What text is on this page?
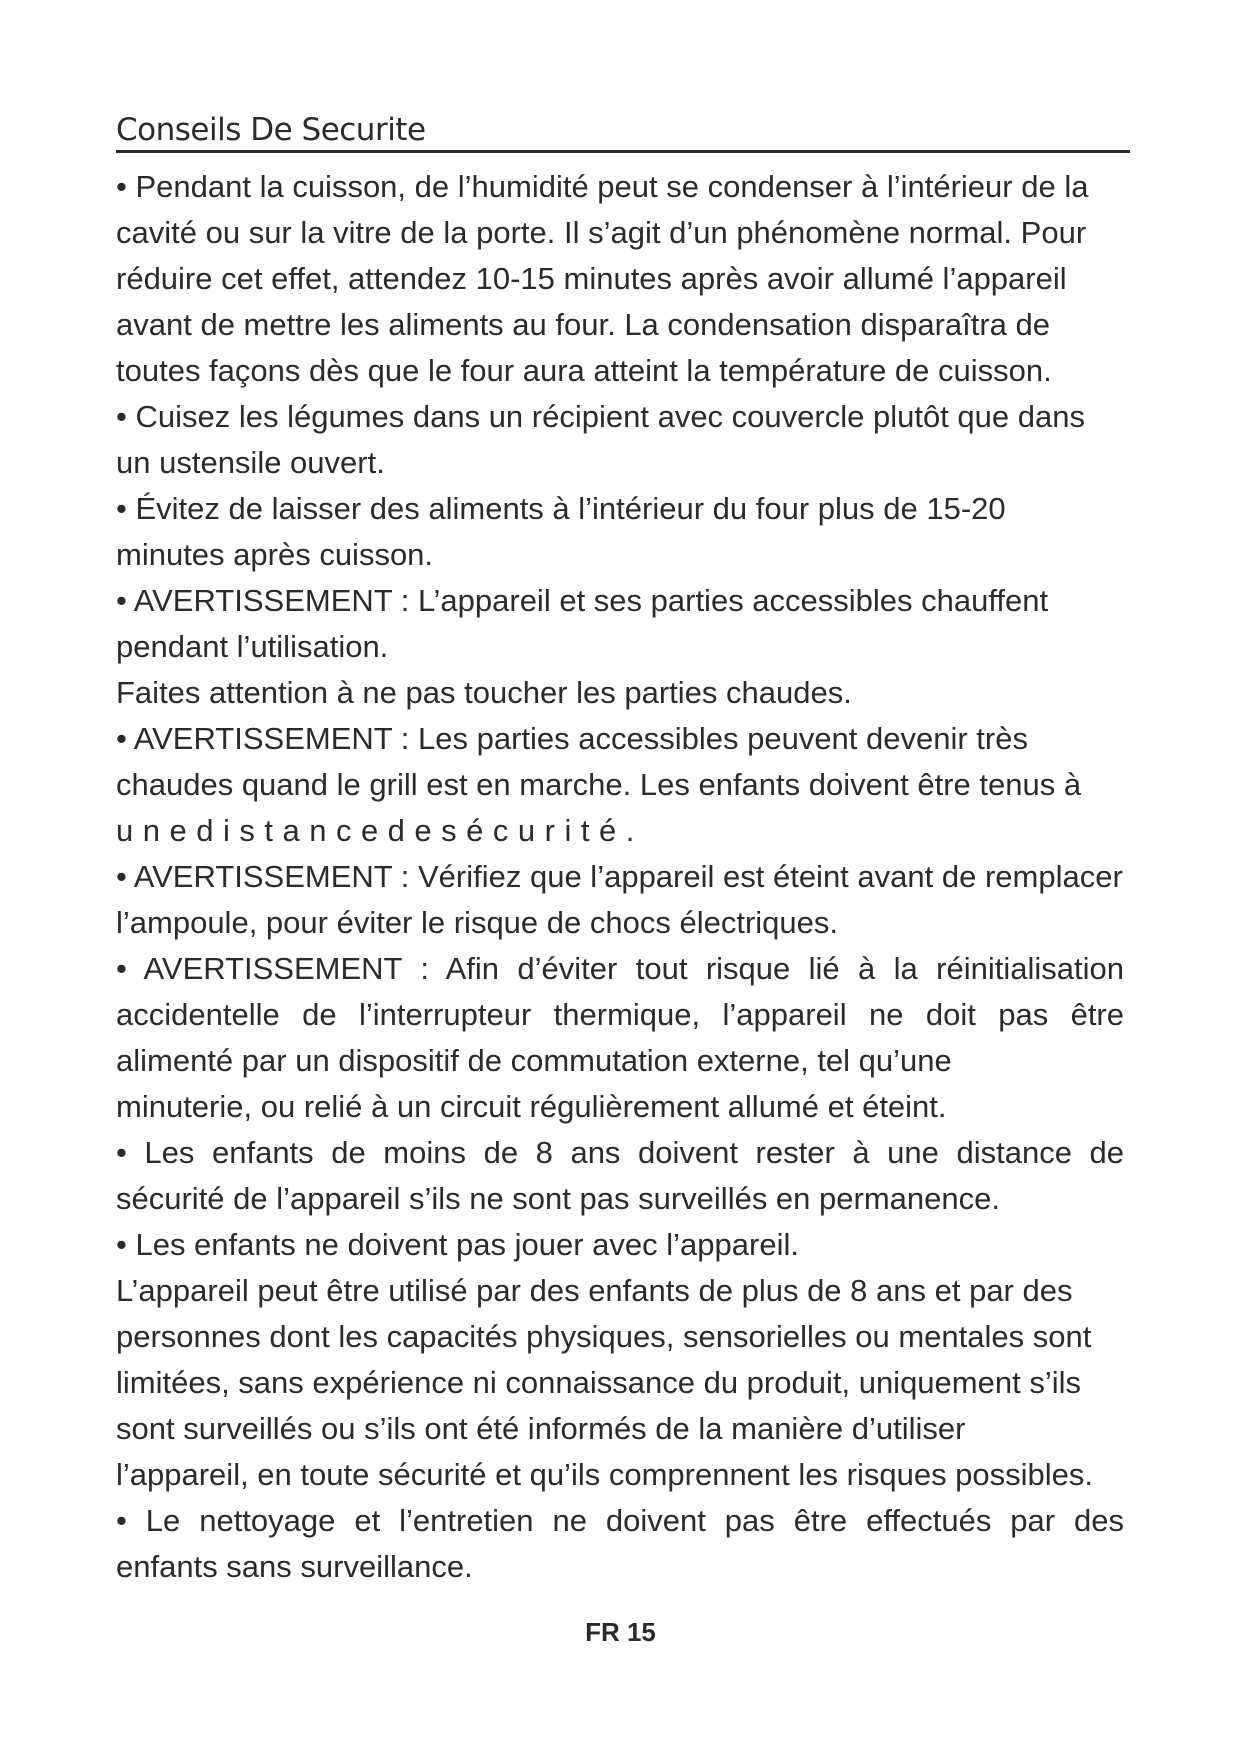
Conseils De Securite
• Pendant la cuisson, de l’humidité peut se condenser à l’intérieur de la
cavité ou sur la vitre de la porte. Il s’agit d’un phénomène normal. Pour
réduire cet effet, attendez 10-15 minutes après avoir allumé l’appareil
avant de mettre les aliments au four. La condensation disparaîtra de
toutes façons dès que le four aura atteint la température de cuisson.
• Cuisez les légumes dans un récipient avec couvercle plutôt que dans
un ustensile ouvert.
• Évitez de laisser des aliments à l’intérieur du four plus de 15-20
minutes après cuisson.
• AVERTISSEMENT : L’appareil et ses parties accessibles chauffent
pendant l’utilisation.
Faites attention à ne pas toucher les parties chaudes.
• AVERTISSEMENT : Les parties accessibles peuvent devenir très
chaudes quand le grill est en marche. Les enfants doivent être tenus à
unedistancedesécurité.
• AVERTISSEMENT : Vérifiez que l’appareil est éteint avant de remplacer
l’ampoule, pour éviter le risque de chocs électriques.
• AVERTISSEMENT : Afin d’éviter tout risque lié à la réinitialisation
accidentelle de l’interrupteur thermique, l’appareil ne doit pas être
alimenté par un dispositif de commutation externe, tel qu’une
minuterie, ou relié à un circuit régulièrement allumé et éteint.
• Les enfants de moins de 8 ans doivent rester à une distance de
sécurité de l’appareil s’ils ne sont pas surveillés en permanence.
• Les enfants ne doivent pas jouer avec l’appareil.
L’appareil peut être utilisé par des enfants de plus de 8 ans et par des
personnes dont les capacités physiques, sensorielles ou mentales sont
limitées, sans expérience ni connaissance du produit, uniquement s’ils
sont surveillés ou s’ils ont été informés de la manière d’utiliser
l’appareil, en toute sécurité et qu’ils comprennent les risques possibles.
• Le nettoyage et l’entretien ne doivent pas être effectués par des
enfants sans surveillance.
FR 15
